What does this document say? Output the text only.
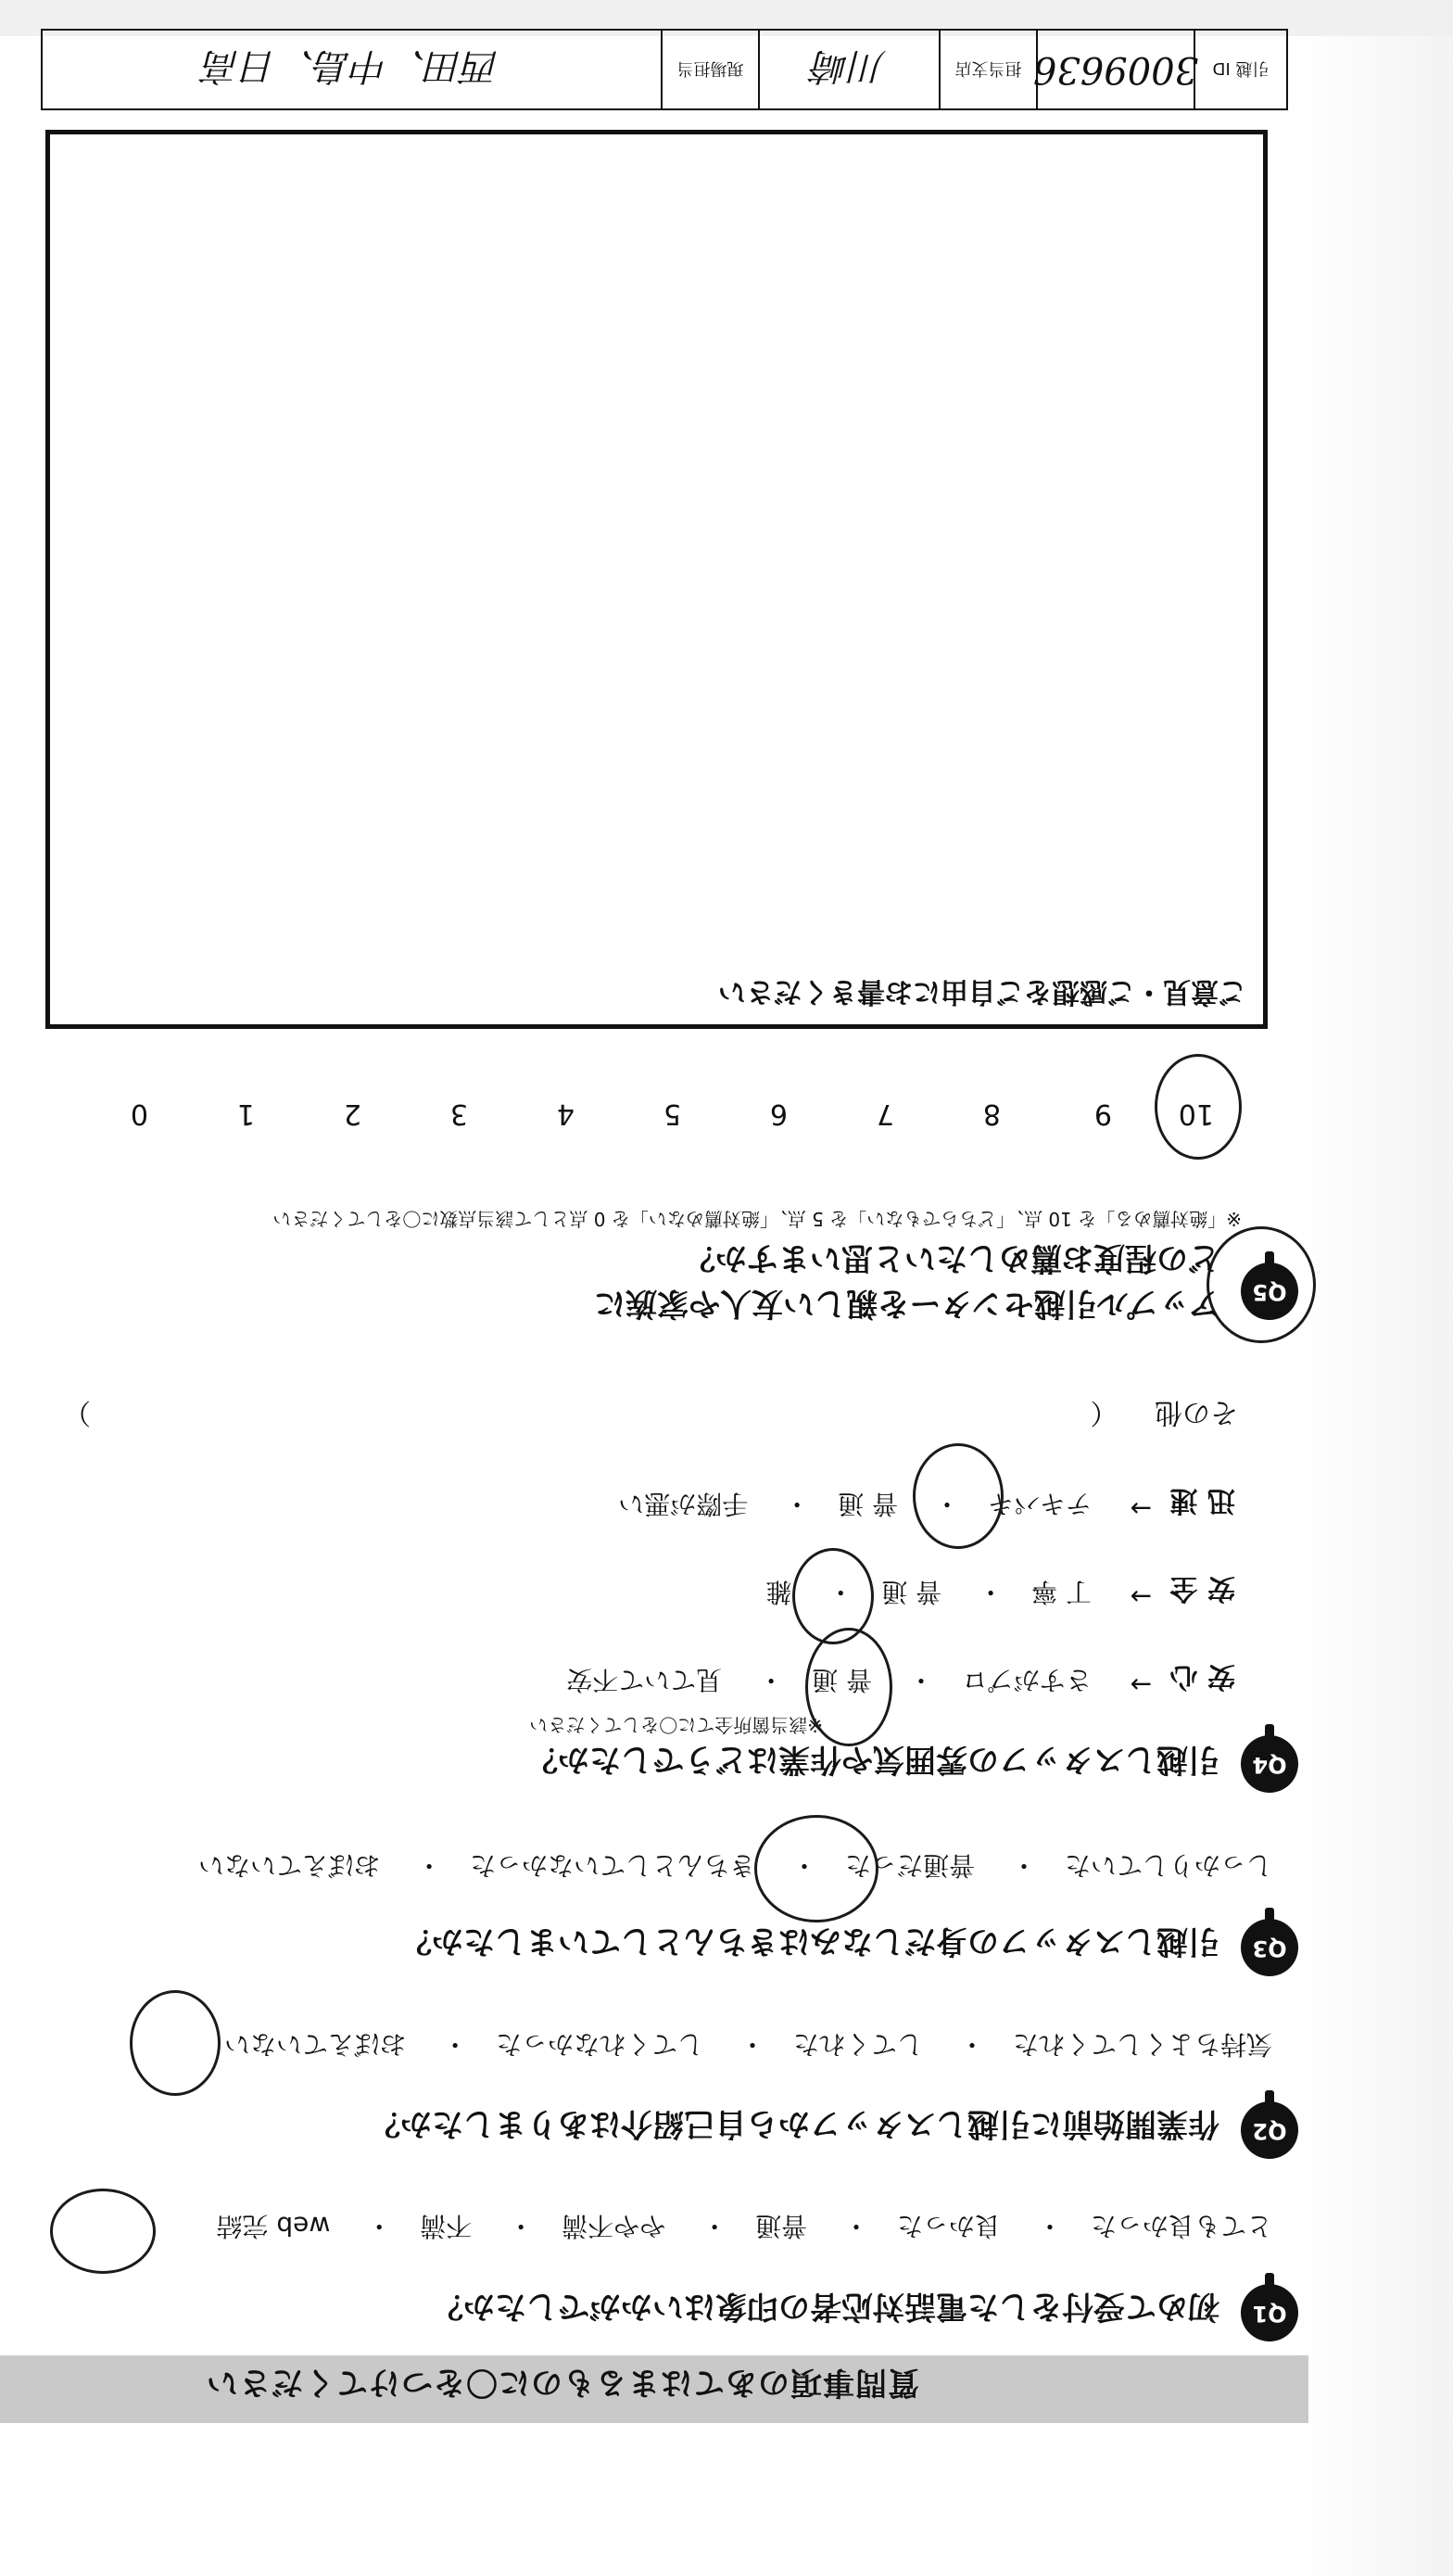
質問事項のあてはまるものに〇をつけてください
Q1
初めて受付をした電話対応者の印象はいかがでしたか？
とても良かった・ 良かった・ 普通・ やや不満・ 不満・ web 完結
Q2
作業開始前に引越しスタッフから自己紹介はありましたか？
気持ちよくしてくれた・ してくれた・ してくれなかった・ おぼえていない
Q3
引越しスタッフの身だしなみはきちんとしていましたか？
しっかりしていた・ 普通だった・ きちんとしていなかった・ おぼえていない
Q4
引越しスタッフの雰囲気や作業はどうでしたか？
※該当箇所全てに〇をしてください
安 心
→
さすがプロ・ 普 通・ 見ていて不安
安 全
→
丁 寧・ 普 通・ 雑
迅 速
→
テキパキ・ 普 通・ 手際が悪い
その他 （
）
Q5
アップル引越センターを親しい友人や家族に
どの程度お薦めしたいと思いますか？
※「絶対薦める」を 10 点、「どちらでもない」を 5 点、「絶対薦めない」を 0 点として該当点数に〇をしてください
10
9
8
7
6
5
4
3
2
1
0
ご意見・ご感想をご自由にお書きください
引越 ID
3009636
担当支店
川崎
現場担当
西田、中島、日高
